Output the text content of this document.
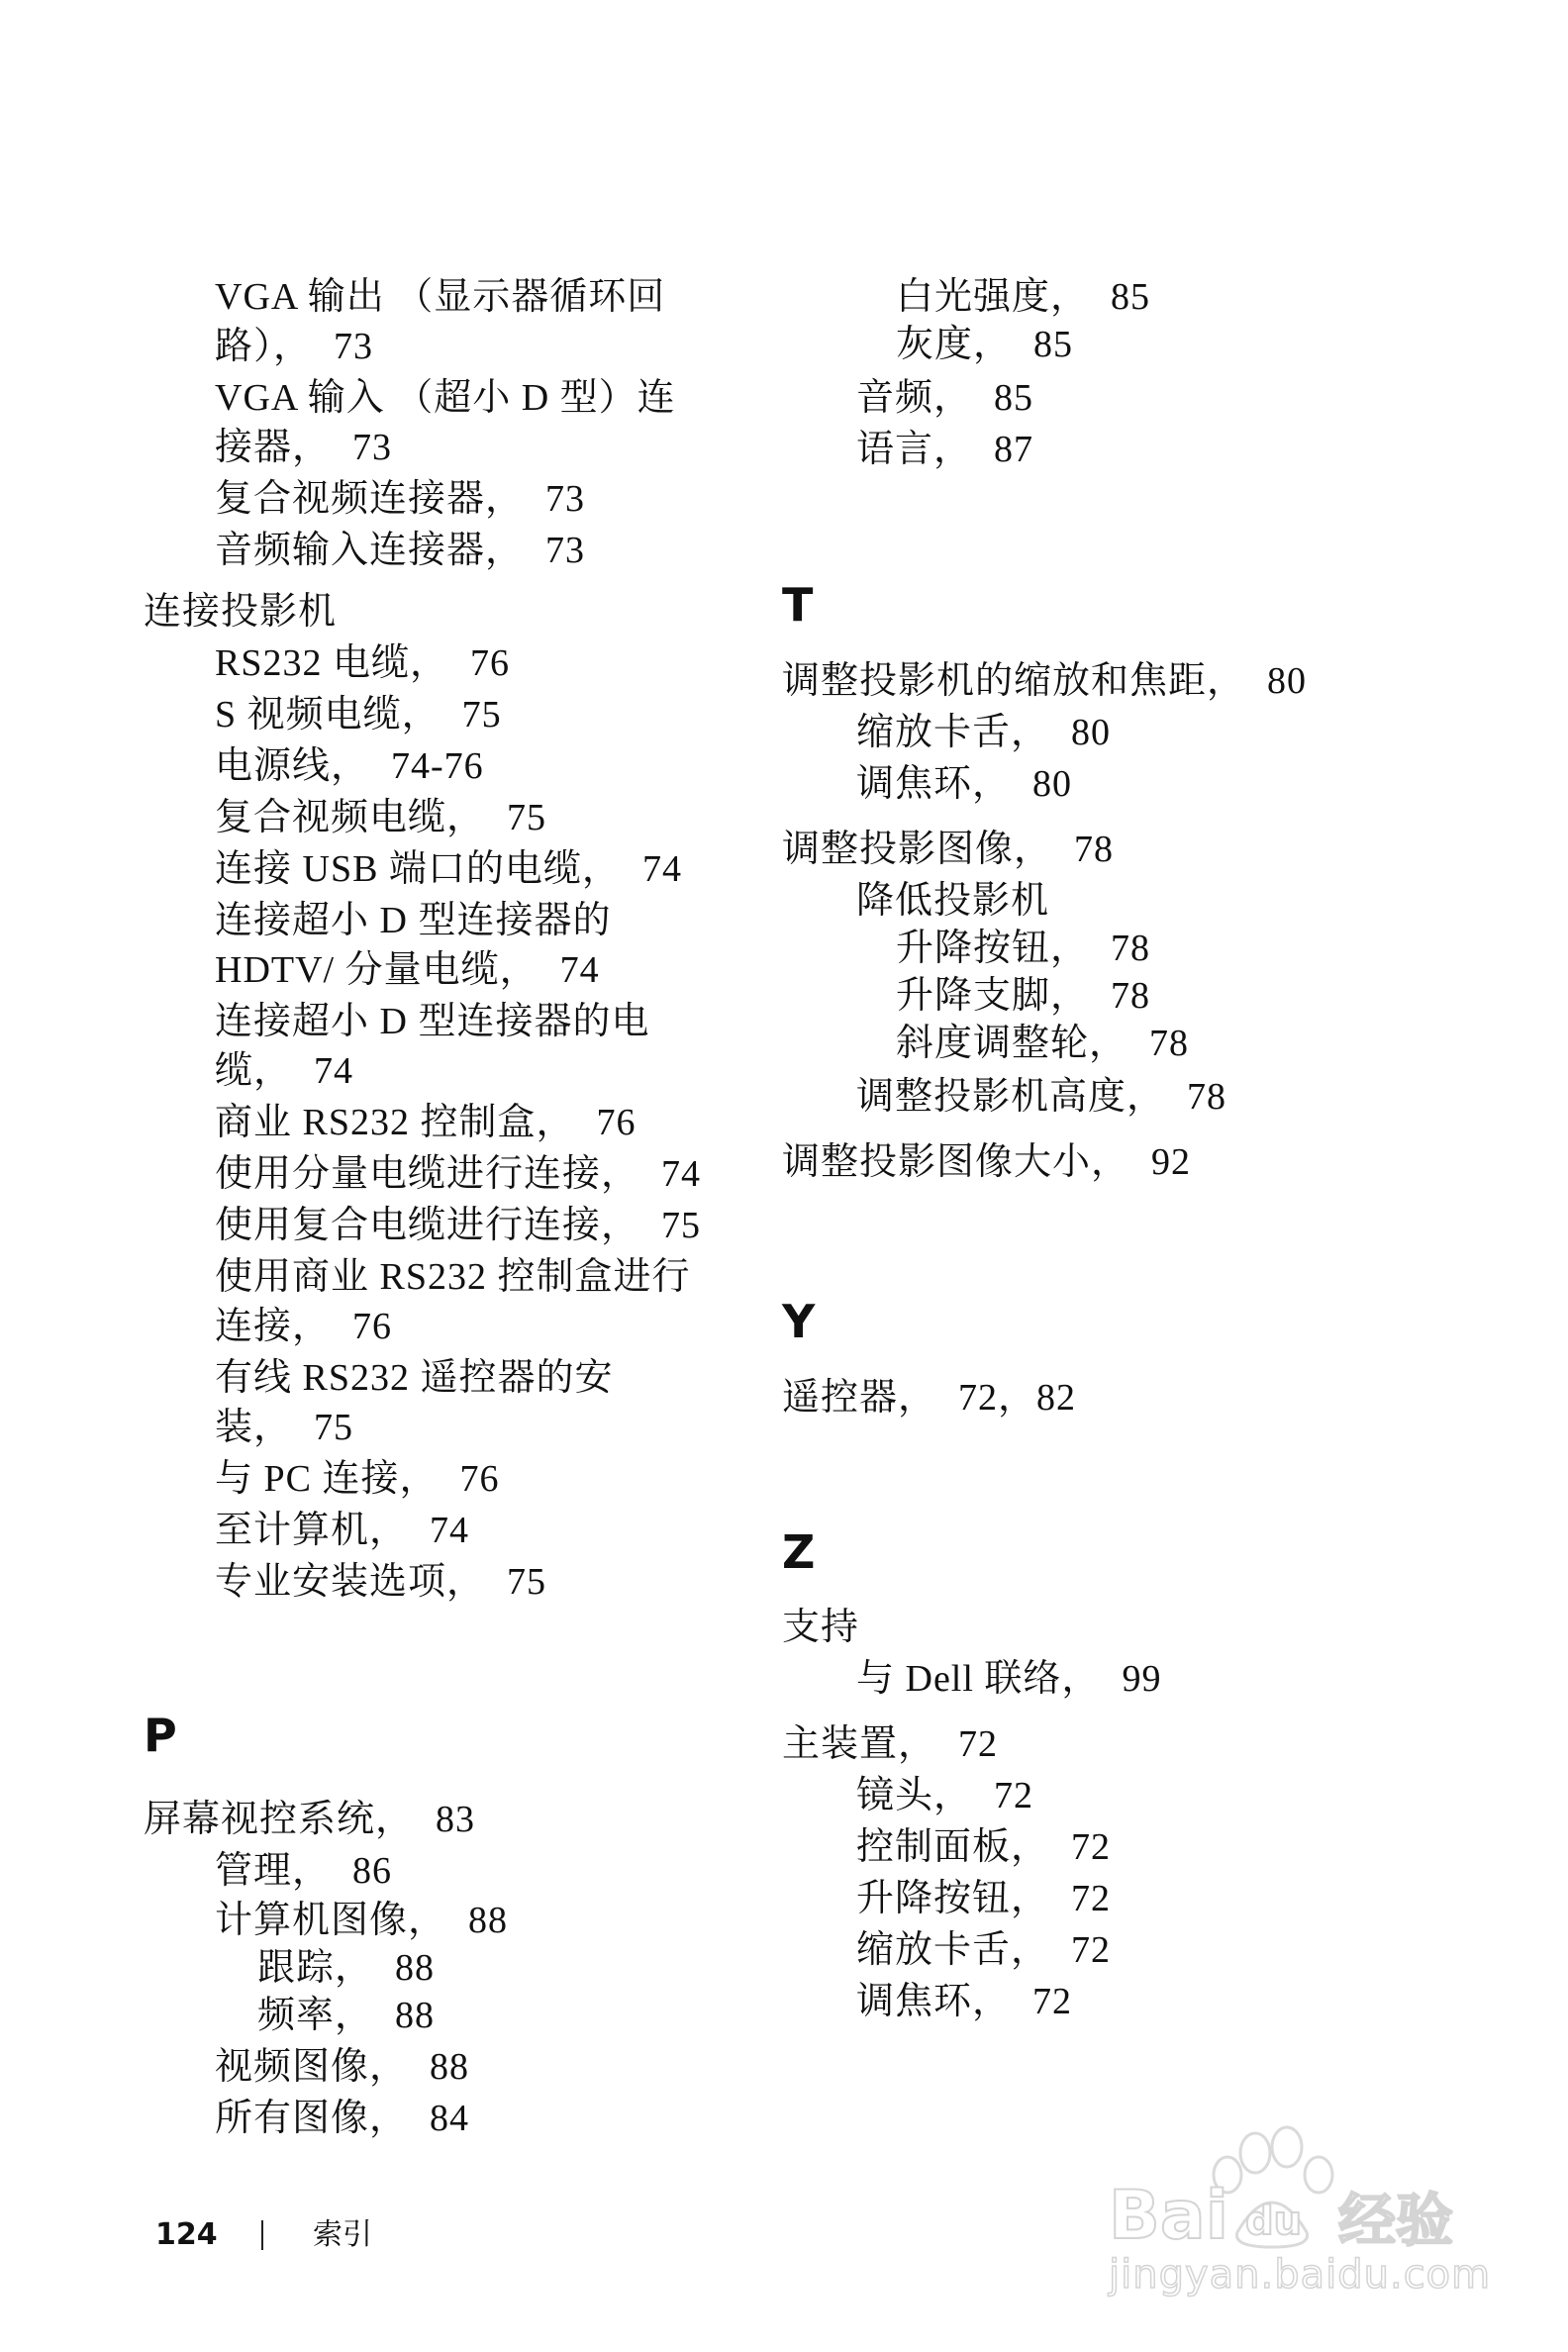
VGA 输出 （显示器循环回
路）， 73
VGA 输入 （超小 D 型）连
接器， 73
复合视频连接器， 73
音频输入连接器， 73
连接投影机
RS232 电缆， 76
S 视频电缆， 75
电源线， 74-76
复合视频电缆， 75
连接 USB 端口的电缆， 74
连接超小 D 型连接器的
HDTV/ 分量电缆， 74
连接超小 D 型连接器的电
缆， 74
商业 RS232 控制盒， 76
使用分量电缆进行连接， 74
使用复合电缆进行连接， 75
使用商业 RS232 控制盒进行
连接， 76
有线 RS232 遥控器的安
装， 75
与 PC 连接， 76
至计算机， 74
专业安装选项， 75
P
屏幕视控系统， 83
管理， 86
计算机图像， 88
跟踪， 88
频率， 88
视频图像， 88
所有图像， 84
白光强度， 85
灰度， 85
音频， 85
语言， 87
T
调整投影机的缩放和焦距， 80
缩放卡舌， 80
调焦环， 80
调整投影图像， 78
降低投影机
升降按钮， 78
升降支脚， 78
斜度调整轮， 78
调整投影机高度， 78
调整投影图像大小， 92
Y
遥控器， 72，82
Z
支持
与 Dell 联络， 99
主装置， 72
镜头， 72
控制面板， 72
升降按钮， 72
缩放卡舌， 72
调焦环， 72
124	索引	Bai du 经验
jingyan.baidu.com
